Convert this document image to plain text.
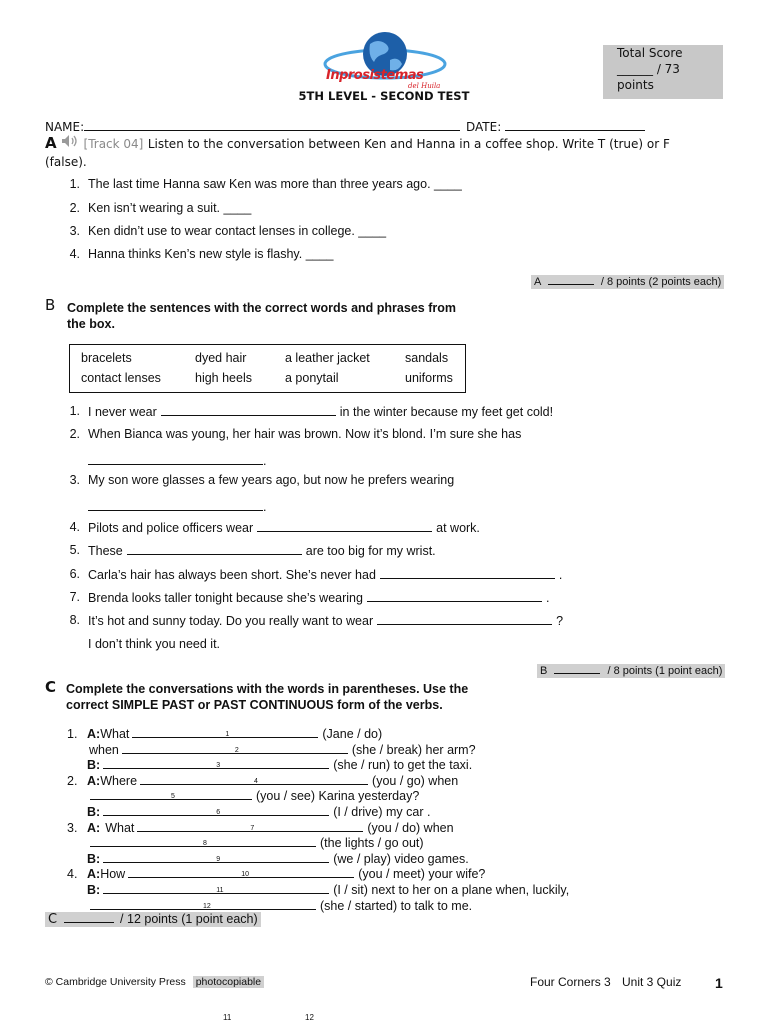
Inprosistemas
del Huila
5TH LEVEL - SECOND TEST
Total Score
______ / 73
points
NAME:	DATE:
A [Track 04] Listen to the conversation between Ken and Hanna in a coffee shop. Write T (true) or F
(false).
1. The last time Hanna saw Ken was more than three years ago. ____
2. Ken isn’t wearing a suit. ____
3. Ken didn’t use to wear contact lenses in college. ____
4. Hanna thinks Ken’s new style is flashy. ____
A	/ 8 points (2 points each)
B Complete the sentences with the correct words and phrases from
the box.
bracelets	dyed hair	a leather jacket	sandals
contact lenses	high heels	a ponytail	uniforms
1. I never wear	in the winter because my feet get cold!
.
2. When Bianca was young, her hair was brown. Now it’s blond. I’m sure she has
.
3. My son wore glasses a few years ago, but now he prefers wearing
4. Pilots and police officers wear	at work.
5. These	are too big for my wrist.
6. Carla’s hair has always been short. She’s never had	.
7. Brenda looks taller tonight because she’s wearing	.
8. It’s hot and sunny today. Do you really want to wear	?
I don’t think you need it.
B	/ 8 points (1 point each)
C Complete the conversations with the words in parentheses. Use the
correct SIMPLE PAST or PAST CONTINUOUS form of the verbs.
1. A:What	1	(Jane / do)
when	2	(she / break) her arm?
B:	3	(she / run) to get the taxi.
2. A:Where	4	(you / go) when
5	(you / see) Karina yesterday?
B:	6	(I / drive) my car .
3. A: What	7	(you / do) when
8	(the lights / go out)
B:	9	(we / play) video games.
4. A:How	10	(you / meet) your wife?
B:	11	(I / sit) next to her on a plane when, luckily,
12	(she / started) to talk to me.
C	/ 12 points (1 point each)
© Cambridge University Press photocopiable	Four Corners 3 Unit 3 Quiz 1
11	12
